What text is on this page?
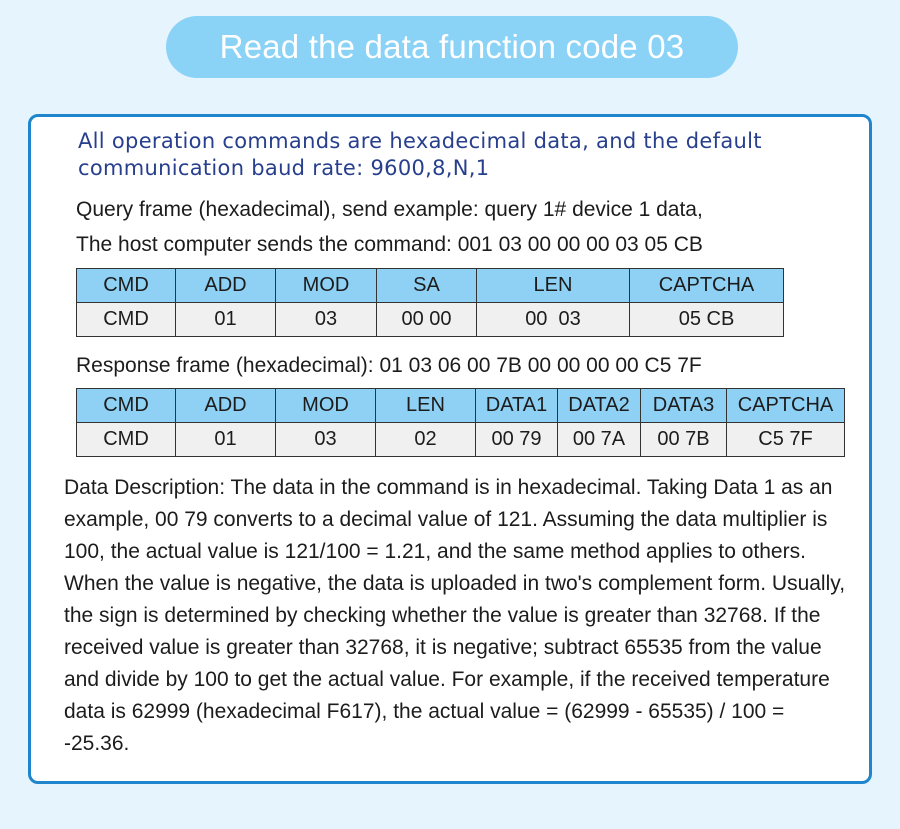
Read the data function code 03
All operation commands are hexadecimal data, and the default communication baud rate: 9600,8,N,1
Query frame (hexadecimal), send example: query 1# device 1 data,
The host computer sends the command: 001 03 00 00 00 03 05 CB
CMD	ADD	MOD	SA	LEN	CAPTCHA
CMD	01	03	00 00	00  03	05 CB
Response frame (hexadecimal): 01 03 06 00 7B 00 00 00 00 C5 7F
CMD	ADD	MOD	LEN	DATA1	DATA2	DATA3	CAPTCHA
CMD	01	03	02	00 79	00 7A	00 7B	C5 7F
Data Description: The data in the command is in hexadecimal. Taking Data 1 as an example, 00 79 converts to a decimal value of 121. Assuming the data multiplier is 100, the actual value is 121/100 = 1.21, and the same method applies to others. When the value is negative, the data is uploaded in two's complement form. Usually, the sign is determined by checking whether the value is greater than 32768. If the received value is greater than 32768, it is negative; subtract 65535 from the value and divide by 100 to get the actual value. For example, if the received temperature data is 62999 (hexadecimal F617), the actual value = (62999 - 65535) / 100 = -25.36.
